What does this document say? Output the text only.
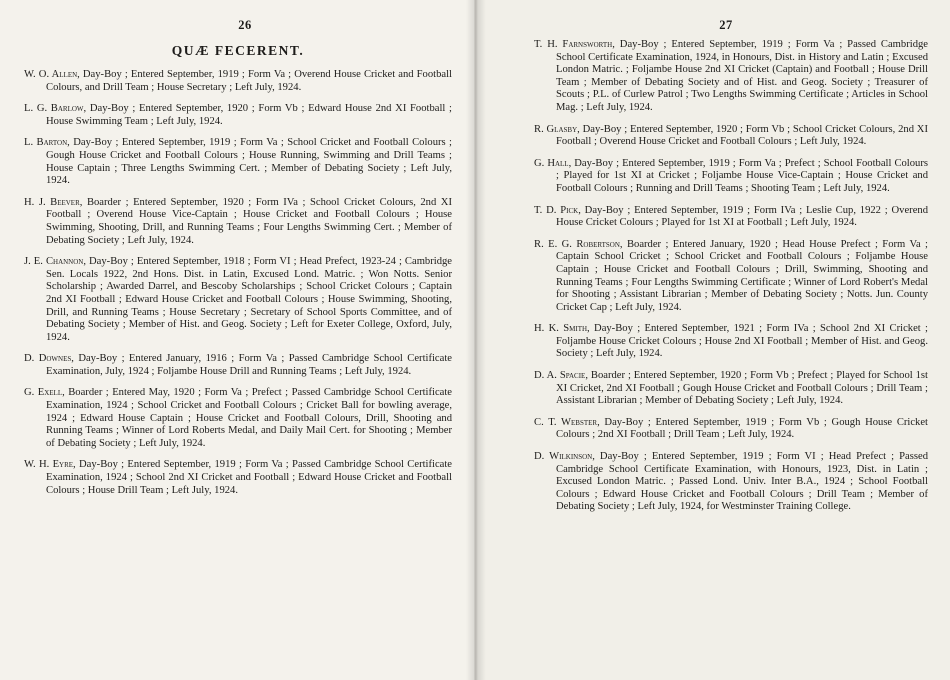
26
QUÆ FECERENT.

W. O. Allen, Day-Boy ; Entered September, 1919 ; Form Va ; Overend House Cricket and Football Colours, and Drill Team ; House Secretary ; Left July, 1924.

L. G. Barlow, Day-Boy ; Entered September, 1920 ; Form Vb ; Edward House 2nd XI Football ; House Swimming Team ; Left July, 1924.

L. Barton, Day-Boy ; Entered September, 1919 ; Form Va ; School Cricket and Football Colours ; Gough House Cricket and Football Colours ; House Running, Swimming and Drill Teams ; House Captain ; Three Lengths Swimming Cert. ; Member of Debating Society ; Left July, 1924.

H. J. Beever, Boarder ; Entered September, 1920 ; Form IVa ; School Cricket Colours, 2nd XI Football ; Overend House Vice-Captain ; House Cricket and Football Colours ; House Swimming, Shooting, Drill, and Running Teams ; Four Lengths Swimming Cert. ; Member of Debating Society ; Left July, 1924.

J. E. Channon, Day-Boy ; Entered September, 1918 ; Form VI ; Head Prefect, 1923-24 ; Cambridge Sen. Locals 1922, 2nd Hons. Dist. in Latin, Excused Lond. Matric. ; Won Notts. Senior Scholarship ; Awarded Darrel, and Bescoby Scholarships ; School Cricket Colours ; Captain 2nd XI Football ; Edward House Cricket and Football Colours ; House Swimming, Shooting, Drill, and Running Teams ; House Secretary ; Secretary of School Sports Committee, and of Debating Society ; Member of Hist. and Geog. Society ; Left for Exeter College, Oxford, July, 1924.

D. Downes, Day-Boy ; Entered January, 1916 ; Form Va ; Passed Cambridge School Certificate Examination, July, 1924 ; Foljambe House Drill and Running Teams ; Left July, 1924.

G. Exell, Boarder ; Entered May, 1920 ; Form Va ; Prefect ; Passed Cambridge School Certificate Examination, 1924 ; School Cricket and Football Colours ; Cricket Ball for bowling average, 1924 ; Edward House Captain ; House Cricket and Football Colours, Drill, Shooting and Running Teams ; Winner of Lord Roberts Medal, and Daily Mail Cert. for Shooting ; Member of Debating Society ; Left July, 1924.

W. H. Eyre, Day-Boy ; Entered September, 1919 ; Form Va ; Passed Cambridge School Certificate Examination, 1924 ; School 2nd XI Cricket and Football ; Edward House Cricket and Football Colours ; House Drill Team ; Left July, 1924.

27

T. H. Farnsworth, Day-Boy ; Entered September, 1919 ; Form Va ; Passed Cambridge School Certificate Examination, 1924, in Honours, Dist. in History and Latin ; Excused London Matric. ; Foljambe House 2nd XI Cricket (Captain) and Football ; House Drill Team ; Member of Debating Society and of Hist. and Geog. Society ; Treasurer of Scouts ; P.L. of Curlew Patrol ; Two Lengths Swimming Certificate ; Articles in School Mag. ; Left July, 1924.

R. Glasby, Day-Boy ; Entered September, 1920 ; Form Vb ; School Cricket Colours, 2nd XI Football ; Overend House Cricket and Football Colours ; Left July, 1924.

G. Hall, Day-Boy ; Entered September, 1919 ; Form Va ; Prefect ; School Football Colours ; Played for 1st XI at Cricket ; Foljambe House Vice-Captain ; House Cricket and Football Colours ; Running and Drill Teams ; Shooting Team ; Left July, 1924.

T. D. Pick, Day-Boy ; Entered September, 1919 ; Form IVa ; Leslie Cup, 1922 ; Overend House Cricket Colours ; Played for 1st XI at Football ; Left July, 1924.

R. E. G. Robertson, Boarder ; Entered January, 1920 ; Head House Prefect ; Form Va ; Captain School Cricket ; School Cricket and Football Colours ; Foljambe House Captain ; House Cricket and Football Colours ; Drill, Swimming, Shooting and Running Teams ; Four Lengths Swimming Certificate ; Winner of Lord Robert's Medal for Shooting ; Assistant Librarian ; Member of Debating Society ; Notts. Jun. County Cricket Cap ; Left July, 1924.

H. K. Smith, Day-Boy ; Entered September, 1921 ; Form IVa ; School 2nd XI Cricket ; Foljambe House Cricket Colours ; House 2nd XI Football ; Member of Hist. and Geog. Society ; Left July, 1924.

D. A. Spacie, Boarder ; Entered September, 1920 ; Form Vb ; Prefect ; Played for School 1st XI Cricket, 2nd XI Football ; Gough House Cricket and Football Colours ; Drill Team ; Assistant Librarian ; Member of Debating Society ; Left July, 1924.

C. T. Webster, Day-Boy ; Entered September, 1919 ; Form Vb ; Gough House Cricket Colours ; 2nd XI Football ; Drill Team ; Left July, 1924.

D. Wilkinson, Day-Boy ; Entered September, 1919 ; Form VI ; Head Prefect ; Passed Cambridge School Certificate Examination, with Honours, 1923, Dist. in Latin ; Excused London Matric. ; Passed Lond. Univ. Inter B.A., 1924 ; School Football Colours ; Edward House Cricket and Football Colours ; Drill Team ; Member of Debating Society ; Left July, 1924, for Westminster Training College.
